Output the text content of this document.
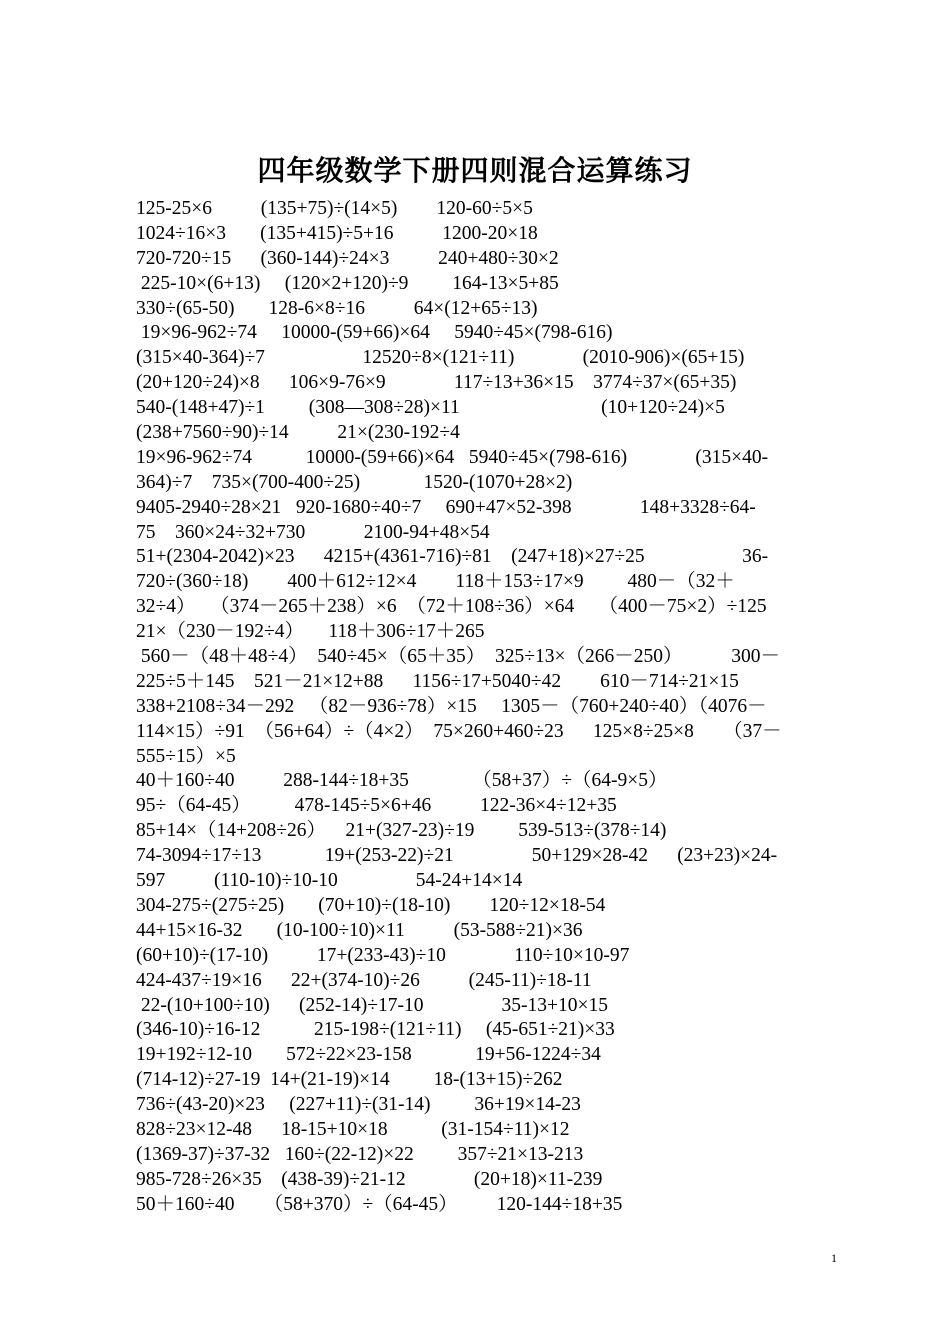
四年级数学下册四则混合运算练习
125-25×6          (135+75)÷(14×5)        120-60÷5×5
1024÷16×3       (135+415)÷5+16          1200-20×18
720-720÷15      (360-144)÷24×3          240+480÷30×2
225-10×(6+13)     (120×2+120)÷9         164-13×5+85
330÷(65-50)       128-6×8÷16          64×(12+65÷13)
19×96-962÷74     10000-(59+66)×64     5940÷45×(798-616)
(315×40-364)÷7                    12520÷8×(121÷11)              (2010-906)×(65+15)
(20+120÷24)×8      106×9-76×9              117÷13+36×15    3774÷37×(65+35)
540-(148+47)÷1         (308—308÷28)×11                             (10+120÷24)×5
(238+7560÷90)÷14          21×(230-192÷4
19×96-962÷74           10000-(59+66)×64   5940÷45×(798-616)              (315×40-
364)÷7    735×(700-400÷25)             1520-(1070+28×2)
9405-2940÷28×21   920-1680÷40÷7     690+47×52-398              148+3328÷64-
75    360×24÷32+730            2100-94+48×54
51+(2304-2042)×23      4215+(4361-716)÷81    (247+18)×27÷25                    36-
720÷(360÷18)        400＋612÷12×4        118＋153÷17×9         480－（32＋
32÷4）   （374－265＋238）×6  （72＋108÷36）×64     （400－75×2）÷125
21×（230－192÷4）     118＋306÷17＋265
560－（48＋48÷4）  540÷45×（65＋35）  325÷13×（266－250）          300－
225÷5＋145    521－21×12+88      1156÷17+5040÷42        610－714÷21×15
338+2108÷34－292   （82－936÷78）×15     1305－（760+240÷40）（4076－
114×15）÷91  （56+64）÷（4×2）  75×260+460÷23      125×8÷25×8      （37－
555÷15）×5
40＋160÷40          288-144÷18+35             （58+37）÷（64-9×5）
95÷（64-45）         478-145÷5×6+46          122-36×4÷12+35
85+14×（14+208÷26）    21+(327-23)÷19         539-513÷(378÷14)
74-3094÷17÷13             19+(253-22)÷21                50+129×28-42      (23+23)×24-
597          (110-10)÷10-10                54-24+14×14
304-275÷(275÷25)       (70+10)÷(18-10)        120÷12×18-54
44+15×16-32       (10-100÷10)×11          (53-588÷21)×36
(60+10)÷(17-10)          17+(233-43)÷10              110÷10×10-97
424-437÷19×16      22+(374-10)÷26          (245-11)÷18-11
22-(10+100÷10)      (252-14)÷17-10                35-13+10×15
(346-10)÷16-12           215-198÷(121÷11)     (45-651÷21)×33
19+192÷12-10       572÷22×23-158             19+56-1224÷34
(714-12)÷27-19  14+(21-19)×14         18-(13+15)÷262
736÷(43-20)×23     (227+11)÷(31-14)         36+19×14-23
828÷23×12-48      18-15+10×18           (31-154÷11)×12
(1369-37)÷37-32   160÷(22-12)×22         357÷21×13-213
985-728÷26×35    (438-39)÷21-12              (20+18)×11-239
50＋160÷40      （58+370）÷（64-45）        120-144÷18+35
1
